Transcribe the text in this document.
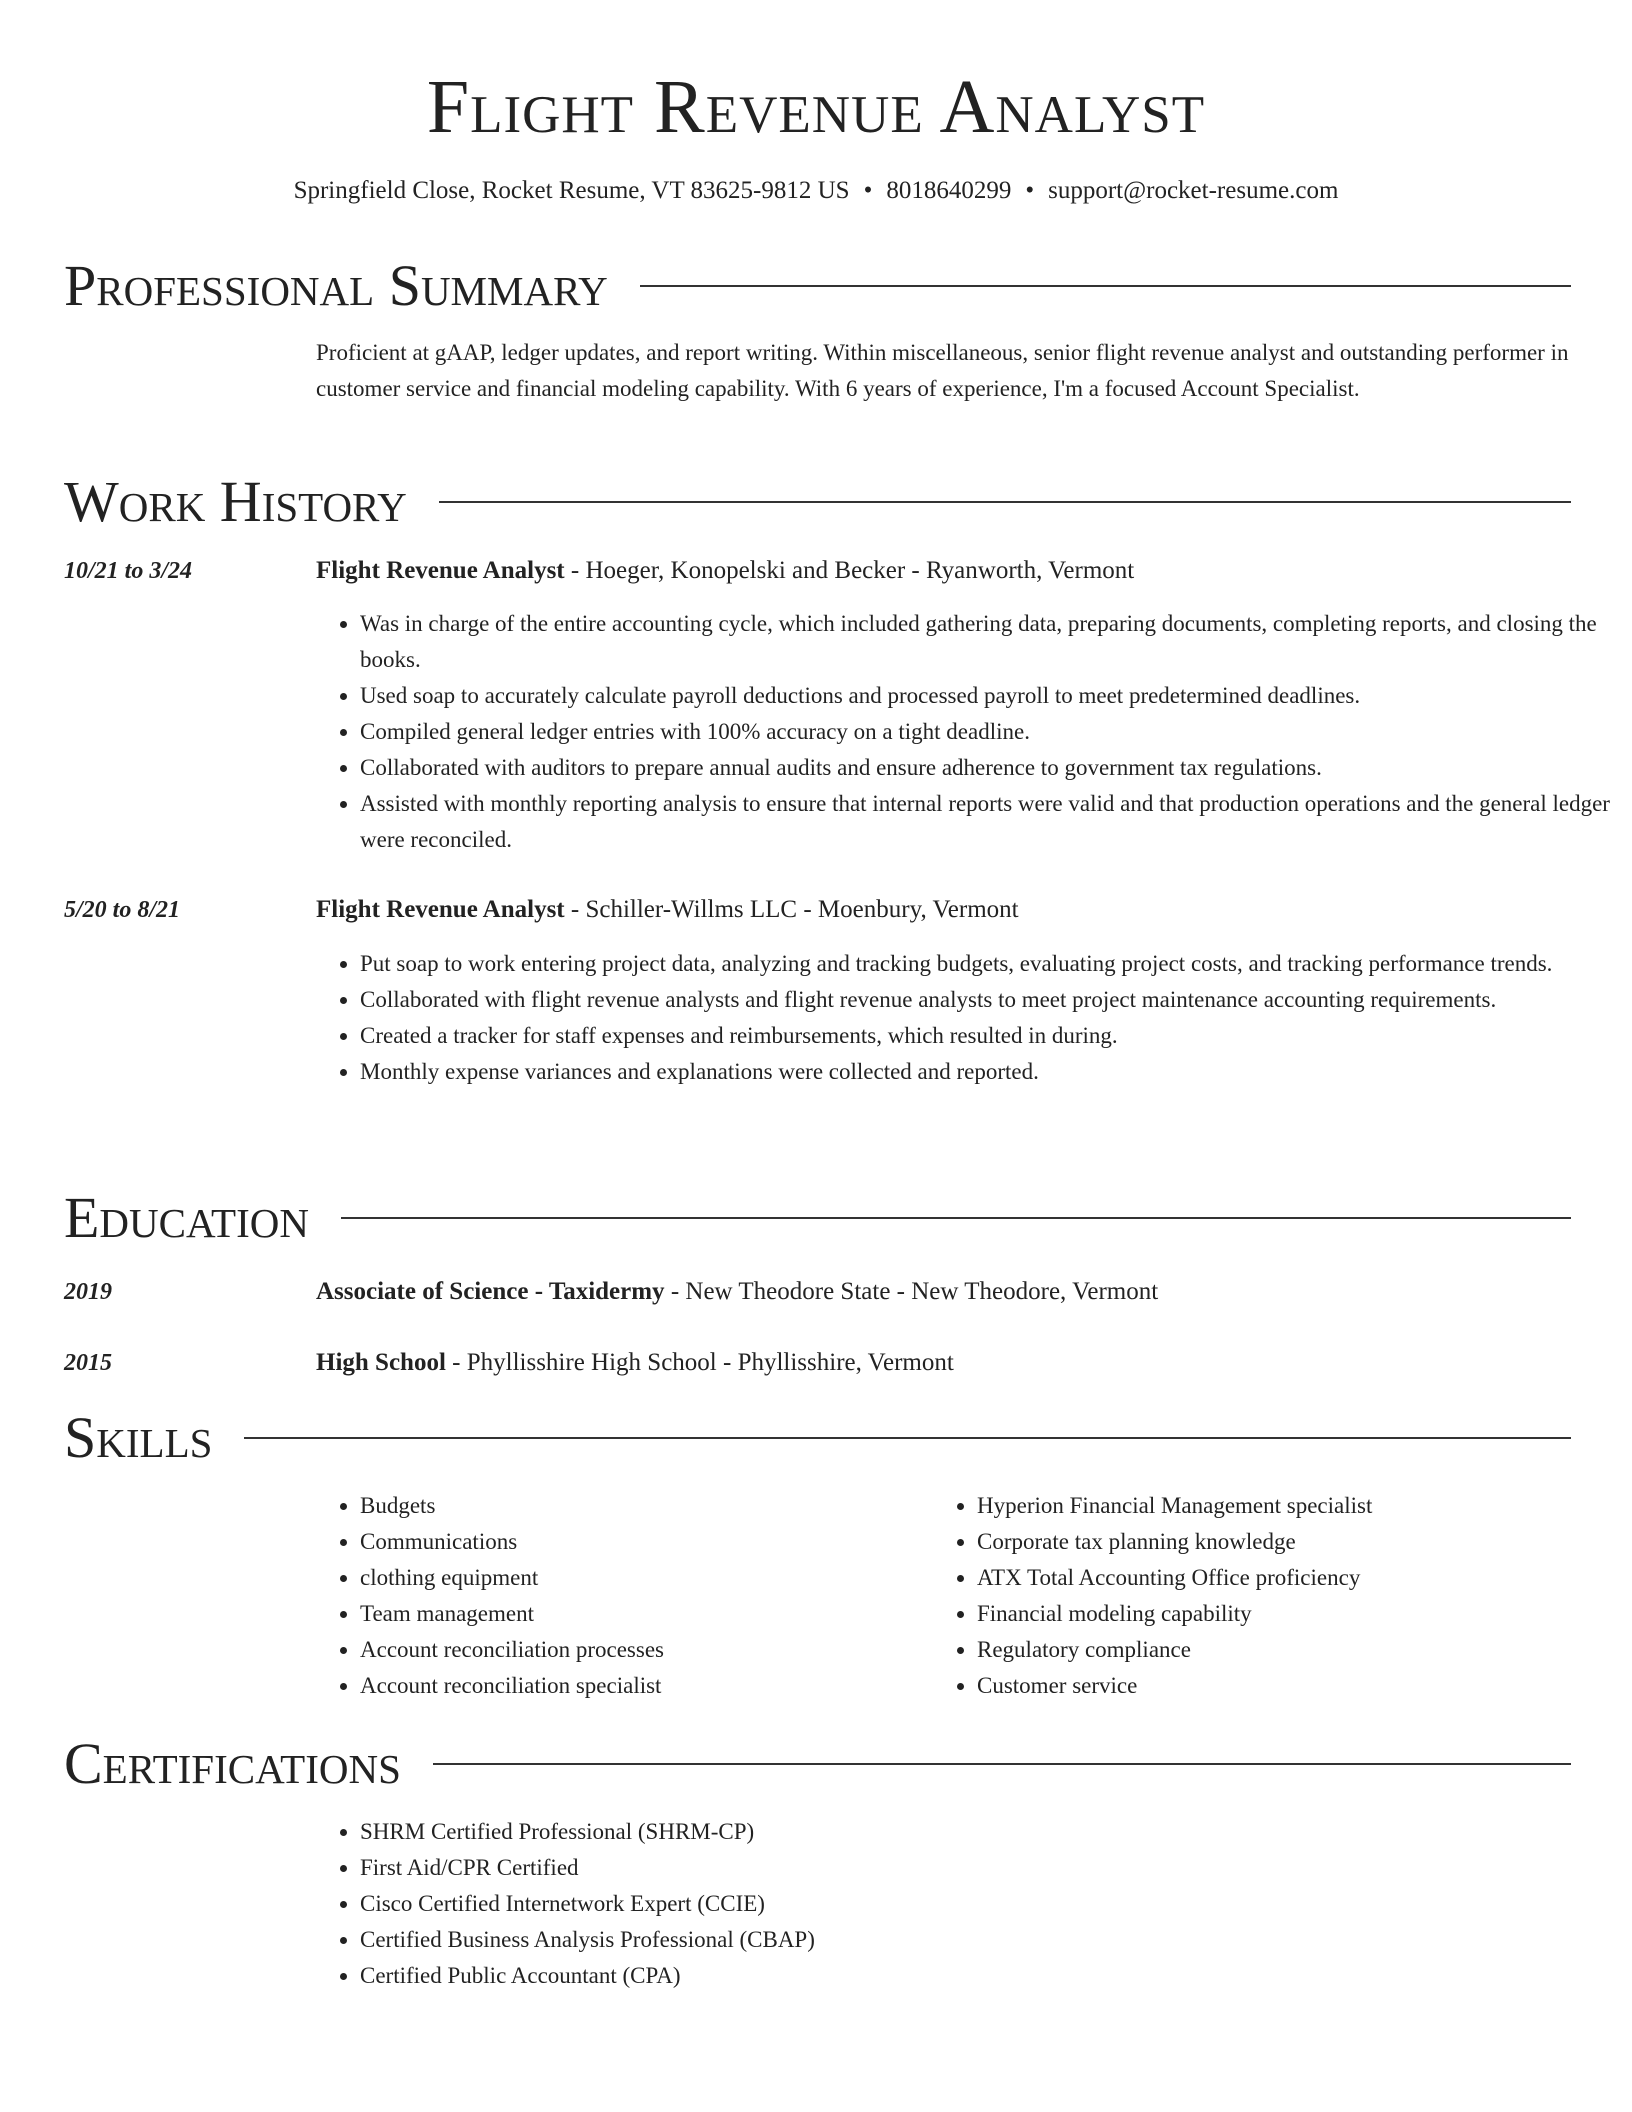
Flight Revenue Analyst
Springfield Close, Rocket Resume, VT 83625-9812 US • 8018640299 • support@rocket-resume.com
Professional Summary
Proficient at gAAP, ledger updates, and report writing. Within miscellaneous, senior flight revenue analyst and outstanding performer in customer service and financial modeling capability. With 6 years of experience, I'm a focused Account Specialist.
Work History
10/21 to 3/24	Flight Revenue Analyst - Hoeger, Konopelski and Becker - Ryanworth, Vermont
• Was in charge of the entire accounting cycle, which included gathering data, preparing documents, completing reports, and closing the books.
• Used soap to accurately calculate payroll deductions and processed payroll to meet predetermined deadlines.
• Compiled general ledger entries with 100% accuracy on a tight deadline.
• Collaborated with auditors to prepare annual audits and ensure adherence to government tax regulations.
• Assisted with monthly reporting analysis to ensure that internal reports were valid and that production operations and the general ledger were reconciled.
5/20 to 8/21	Flight Revenue Analyst - Schiller-Willms LLC - Moenbury, Vermont
• Put soap to work entering project data, analyzing and tracking budgets, evaluating project costs, and tracking performance trends.
• Collaborated with flight revenue analysts and flight revenue analysts to meet project maintenance accounting requirements.
• Created a tracker for staff expenses and reimbursements, which resulted in during.
• Monthly expense variances and explanations were collected and reported.
Education
2019	Associate of Science - Taxidermy - New Theodore State - New Theodore, Vermont
2015	High School - Phyllisshire High School - Phyllisshire, Vermont
Skills
• Budgets
• Communications
• clothing equipment
• Team management
• Account reconciliation processes
• Account reconciliation specialist
• Hyperion Financial Management specialist
• Corporate tax planning knowledge
• ATX Total Accounting Office proficiency
• Financial modeling capability
• Regulatory compliance
• Customer service
Certifications
• SHRM Certified Professional (SHRM-CP)
• First Aid/CPR Certified
• Cisco Certified Internetwork Expert (CCIE)
• Certified Business Analysis Professional (CBAP)
• Certified Public Accountant (CPA)
